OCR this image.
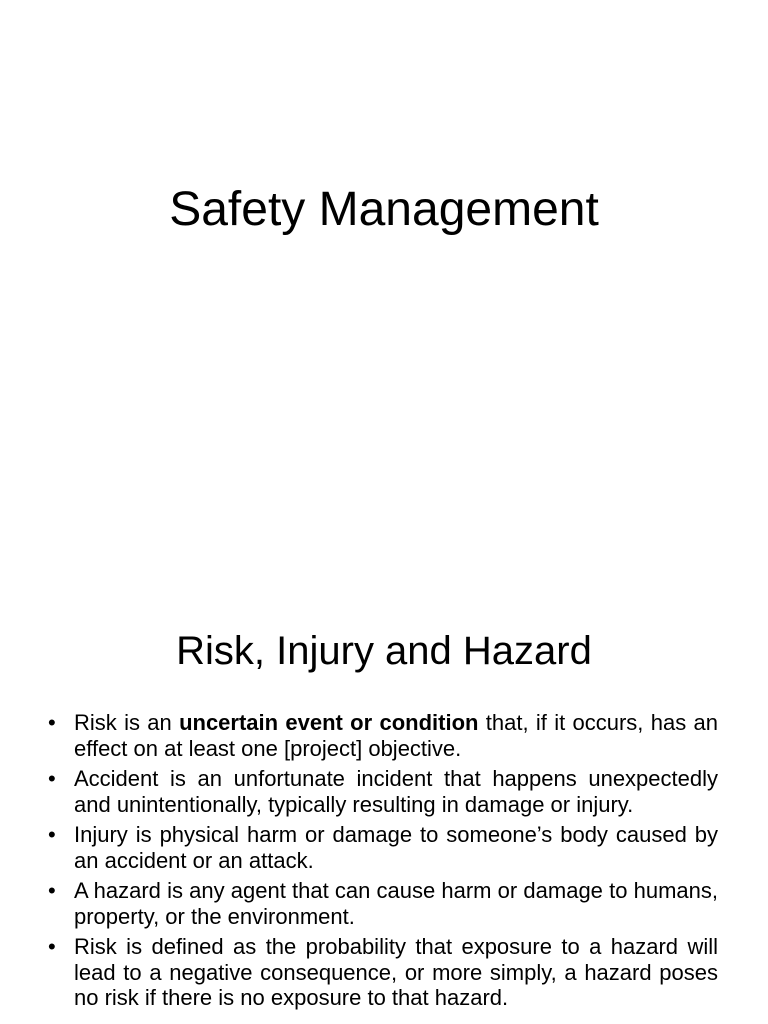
Safety Management
Risk, Injury and Hazard
• Risk is an uncertain event or condition that, if it occurs, has an effect on at least one [project] objective.
• Accident is an unfortunate incident that happens unexpectedly and unintentionally, typically resulting in damage or injury.
• Injury is physical harm or damage to someone’s body caused by an accident or an attack.
• A hazard is any agent that can cause harm or damage to humans, property, or the environment.
• Risk is defined as the probability that exposure to a hazard will lead to a negative consequence, or more simply, a hazard poses no risk if there is no exposure to that hazard.
